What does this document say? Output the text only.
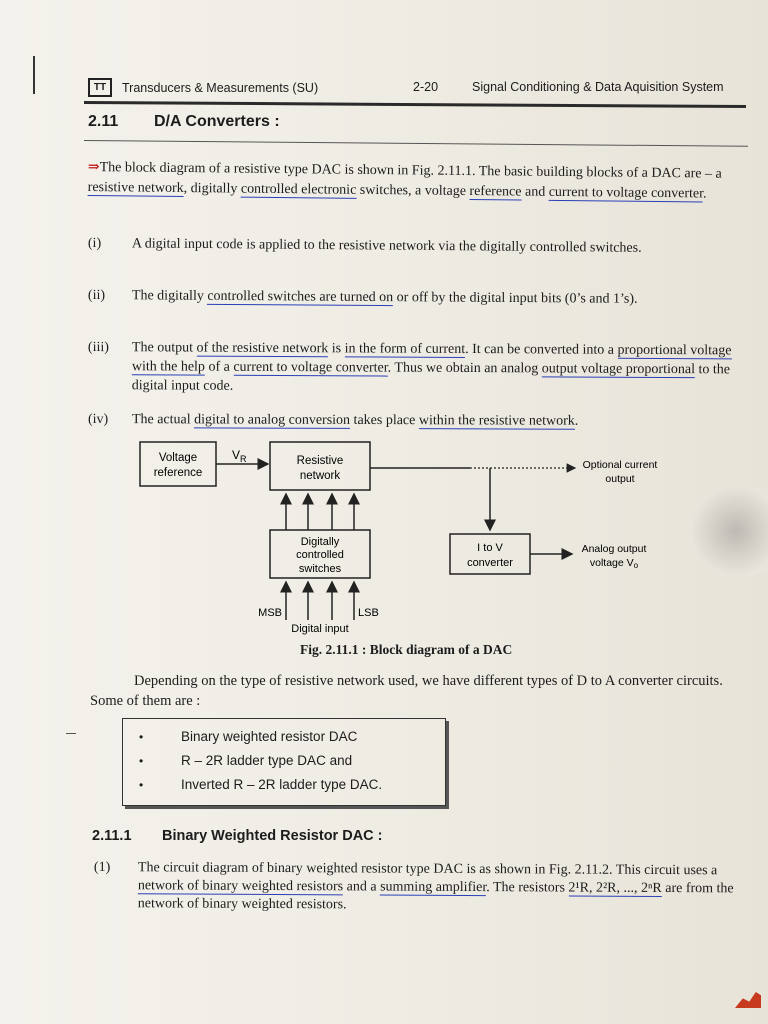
TT	Transducers & Measurements (SU)	2-20	Signal Conditioning & Data Aquisition System
2.11 D/A Converters :
⇒The block diagram of a resistive type DAC is shown in Fig. 2.11.1. The basic building blocks of a DAC are – a resistive network, digitally controlled electronic switches, a voltage reference and current to voltage converter.
(i)	A digital input code is applied to the resistive network via the digitally controlled switches.
(ii)	The digitally controlled switches are turned on or off by the digital input bits (0’s and 1’s).
(iii)	The output of the resistive network is in the form of current. It can be converted into a proportional voltage with the help of a current to voltage converter. Thus we obtain an analog output voltage proportional to the digital input code.
(iv)	The actual digital to analog conversion takes place within the resistive network.
Voltage
reference
$V_R$	Resistive
network
Optional current
output
Digitally
controlled
switches
MSB	LSB
Digital input
I to V
converter
Analog output
voltage Vo
Fig. 2.11.1 : Block diagram of a DAC
Depending on the type of resistive network used, we have different types of D to A converter circuits. Some of them are :
•	Binary weighted resistor DAC
•	R – 2R ladder type DAC and
•	Inverted R – 2R ladder type DAC.
2.11.1 Binary Weighted Resistor DAC :
(1)	The circuit diagram of binary weighted resistor type DAC is as shown in Fig. 2.11.2. This circuit uses a network of binary weighted resistors and a summing amplifier. The resistors 2¹R, 2²R, ..., 2ⁿR are from the network of binary weighted resistors.
